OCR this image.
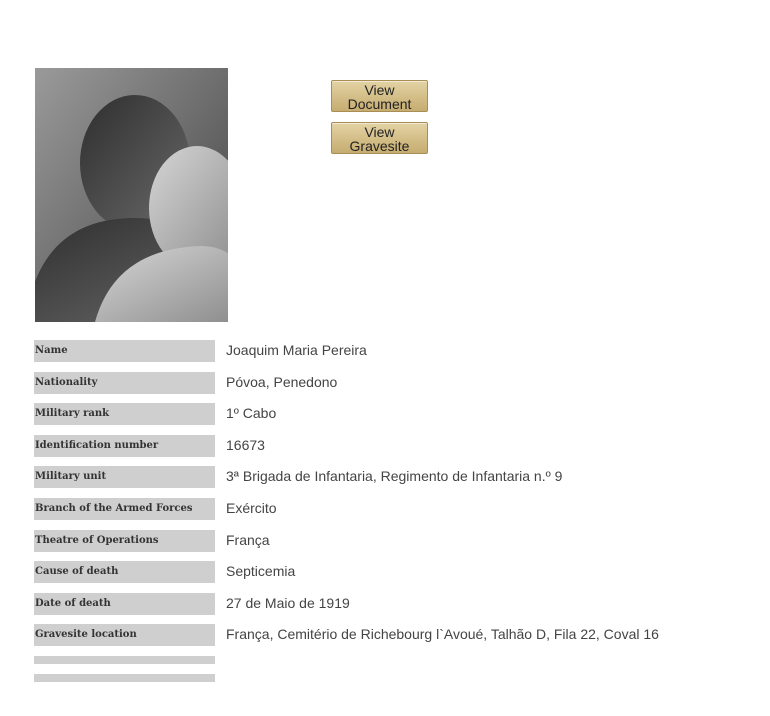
View
Document
View
Gravesite
Name	Joaquim Maria Pereira
Nationality	Póvoa, Penedono
Military rank	1º Cabo
Identification number	16673
Military unit	3ª Brigada de Infantaria, Regimento de Infantaria n.º 9
Branch of the Armed Forces	Exército
Theatre of Operations	França
Cause of death	Septicemia
Date of death	27 de Maio de 1919
Gravesite location	França, Cemitério de Richebourg l`Avoué, Talhão D, Fila 22, Coval 16
